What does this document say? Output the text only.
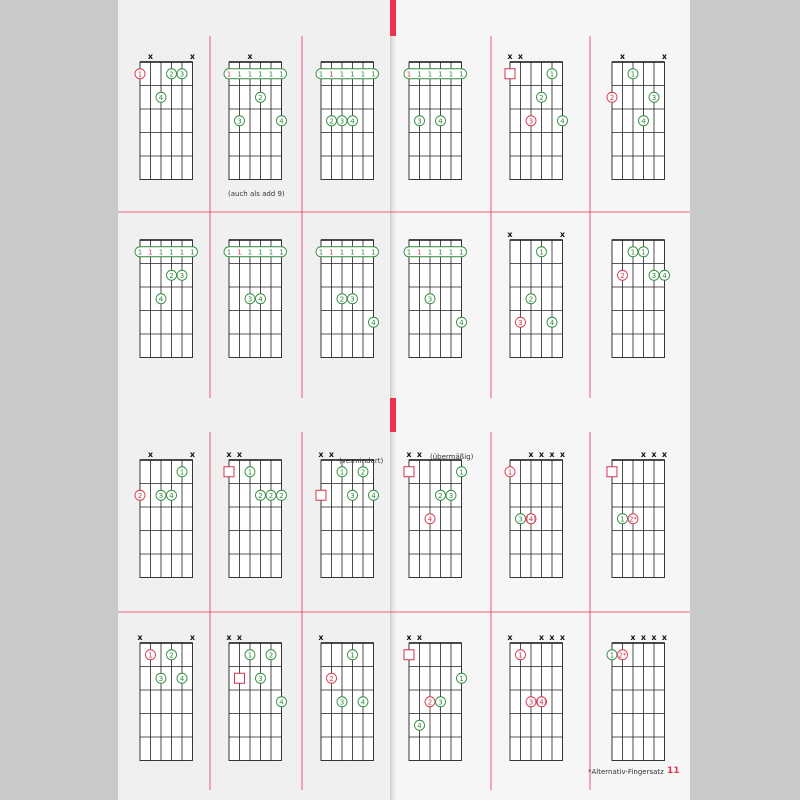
x	x
1	2 3
4
x
1 1 1 1 1 1
2
3	4
1 1 1 1 1 1
2 3 4
1 1 1 1 1 1
3 4
x x
1
2
3	4
x	x
1
2	3
4
1 1 1 1 1 1
2 3
4
1 1 1 1 1 1
3 4
1 1 1 1 1 1
2 3
4
1 1 1 1 1 1
3
4
x	x
1
2
3	4
1 1
2	3 4
x	x
1
2 3 4
x x
1
2 2 2
x x
1 2
3 4
x x
1
2 3
4
x x x x
1
3 (4)
x x x
1 2*
x	x
1 2
3 4
x x
1 2
3
4
x
1
2
3 4
x x
1
2 3
4
x	x x x
1
3 (4)
x x x x
1 2*
(auch als add 9)
(vermindert)	(übermäßig)
*Alternativ-Fingersatz 11
